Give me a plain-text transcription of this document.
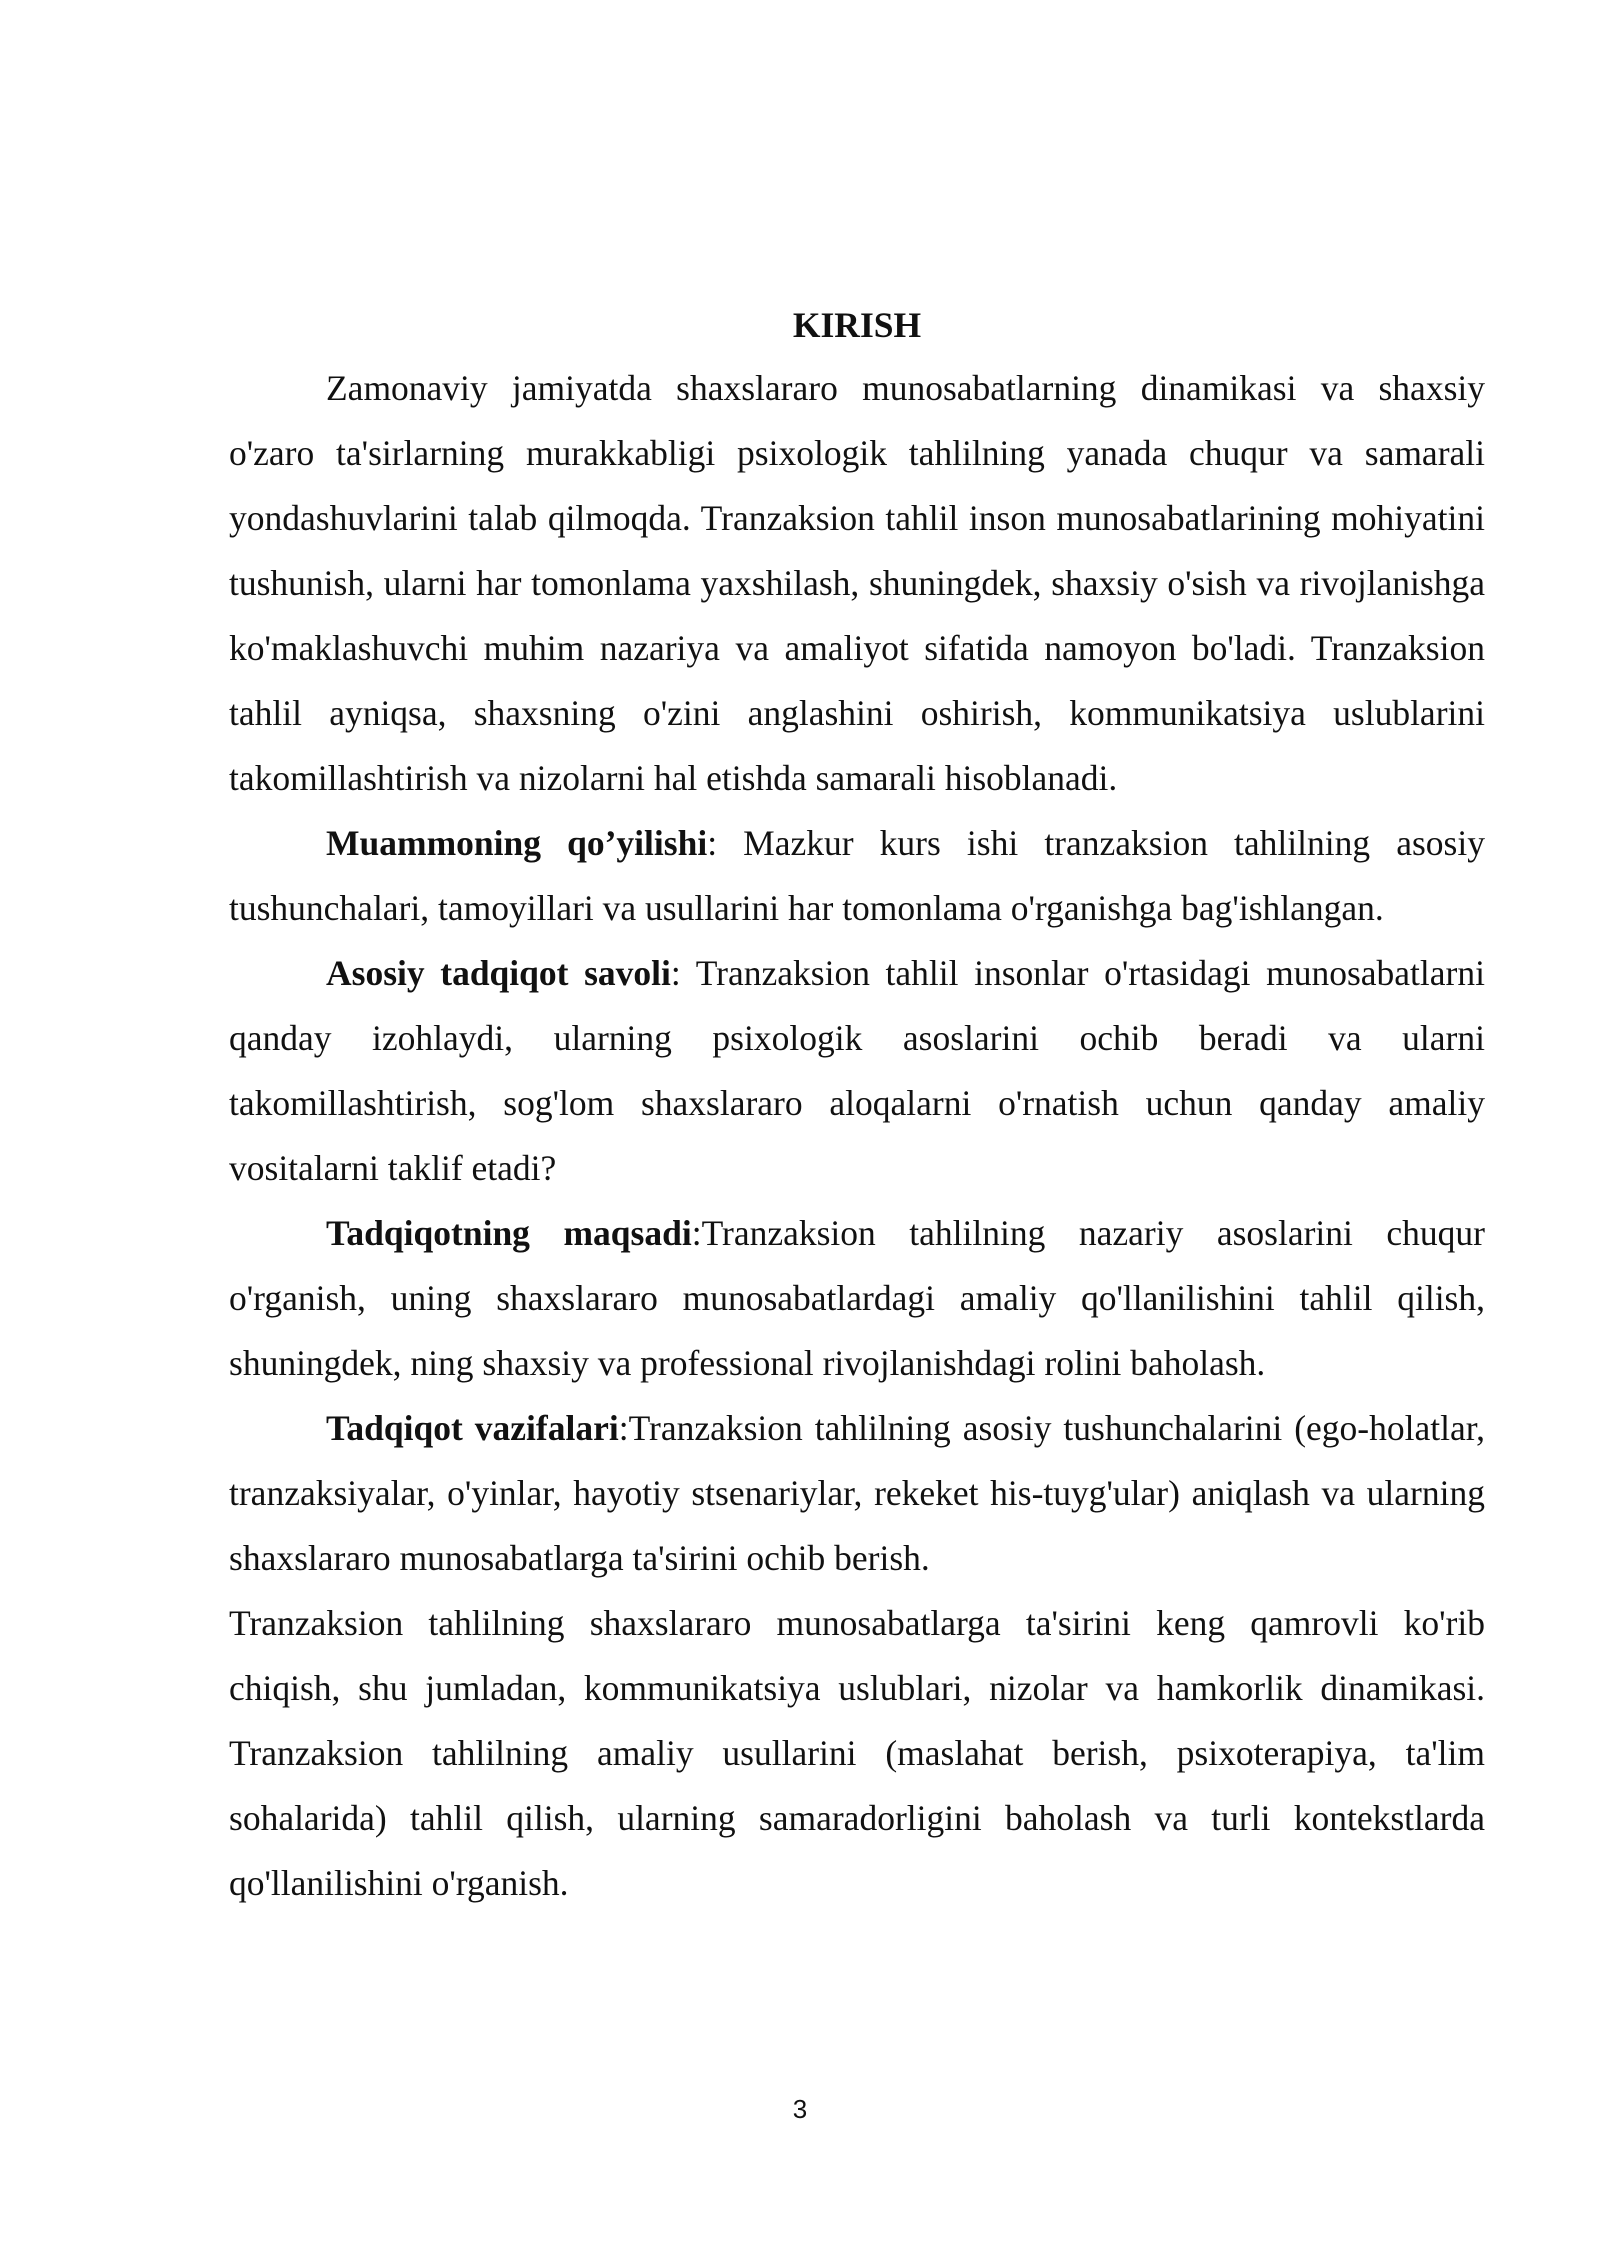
KIRISH

Zamonaviy jamiyatda shaxslararo munosabatlarning dinamikasi va shaxsiy o'zaro ta'sirlarning murakkabligi psixologik tahlilning yanada chuqur va samarali yondashuvlarini talab qilmoqda. Tranzaksion tahlil inson munosabatlarining mohiyatini tushunish, ularni har tomonlama yaxshilash, shuningdek, shaxsiy o'sish va rivojlanishga ko'maklashuvchi muhim nazariya va amaliyot sifatida namoyon bo'ladi. Tranzaksion tahlil ayniqsa, shaxsning o'zini anglashini oshirish, kommunikatsiya uslublarini takomillashtirish va nizolarni hal etishda samarali hisoblanadi.

Muammoning qo’yilishi: Mazkur kurs ishi tranzaksion tahlilning asosiy tushunchalari, tamoyillari va usullarini har tomonlama o'rganishga bag'ishlangan.

Asosiy tadqiqot savoli: Tranzaksion tahlil insonlar o'rtasidagi munosabatlarni qanday izohlaydi, ularning psixologik asoslarini ochib beradi va ularni takomillashtirish, sog'lom shaxslararo aloqalarni o'rnatish uchun qanday amaliy vositalarni taklif etadi?

Tadqiqotning maqsadi:Tranzaksion tahlilning nazariy asoslarini chuqur o'rganish, uning shaxslararo munosabatlardagi amaliy qo'llanilishini tahlil qilish, shuningdek, ning shaxsiy va professional rivojlanishdagi rolini baholash.

Tadqiqot vazifalari:Tranzaksion tahlilning asosiy tushunchalarini (ego-holatlar, tranzaksiyalar, o'yinlar, hayotiy stsenariylar, rekeket his-tuyg'ular) aniqlash va ularning shaxslararo munosabatlarga ta'sirini ochib berish.

Tranzaksion tahlilning shaxslararo munosabatlarga ta'sirini keng qamrovli ko'rib chiqish, shu jumladan, kommunikatsiya uslublari, nizolar va hamkorlik dinamikasi. Tranzaksion tahlilning amaliy usullarini (maslahat berish, psixoterapiya, ta'lim sohalarida) tahlil qilish, ularning samaradorligini baholash va turli kontekstlarda qo'llanilishini o'rganish.

3
